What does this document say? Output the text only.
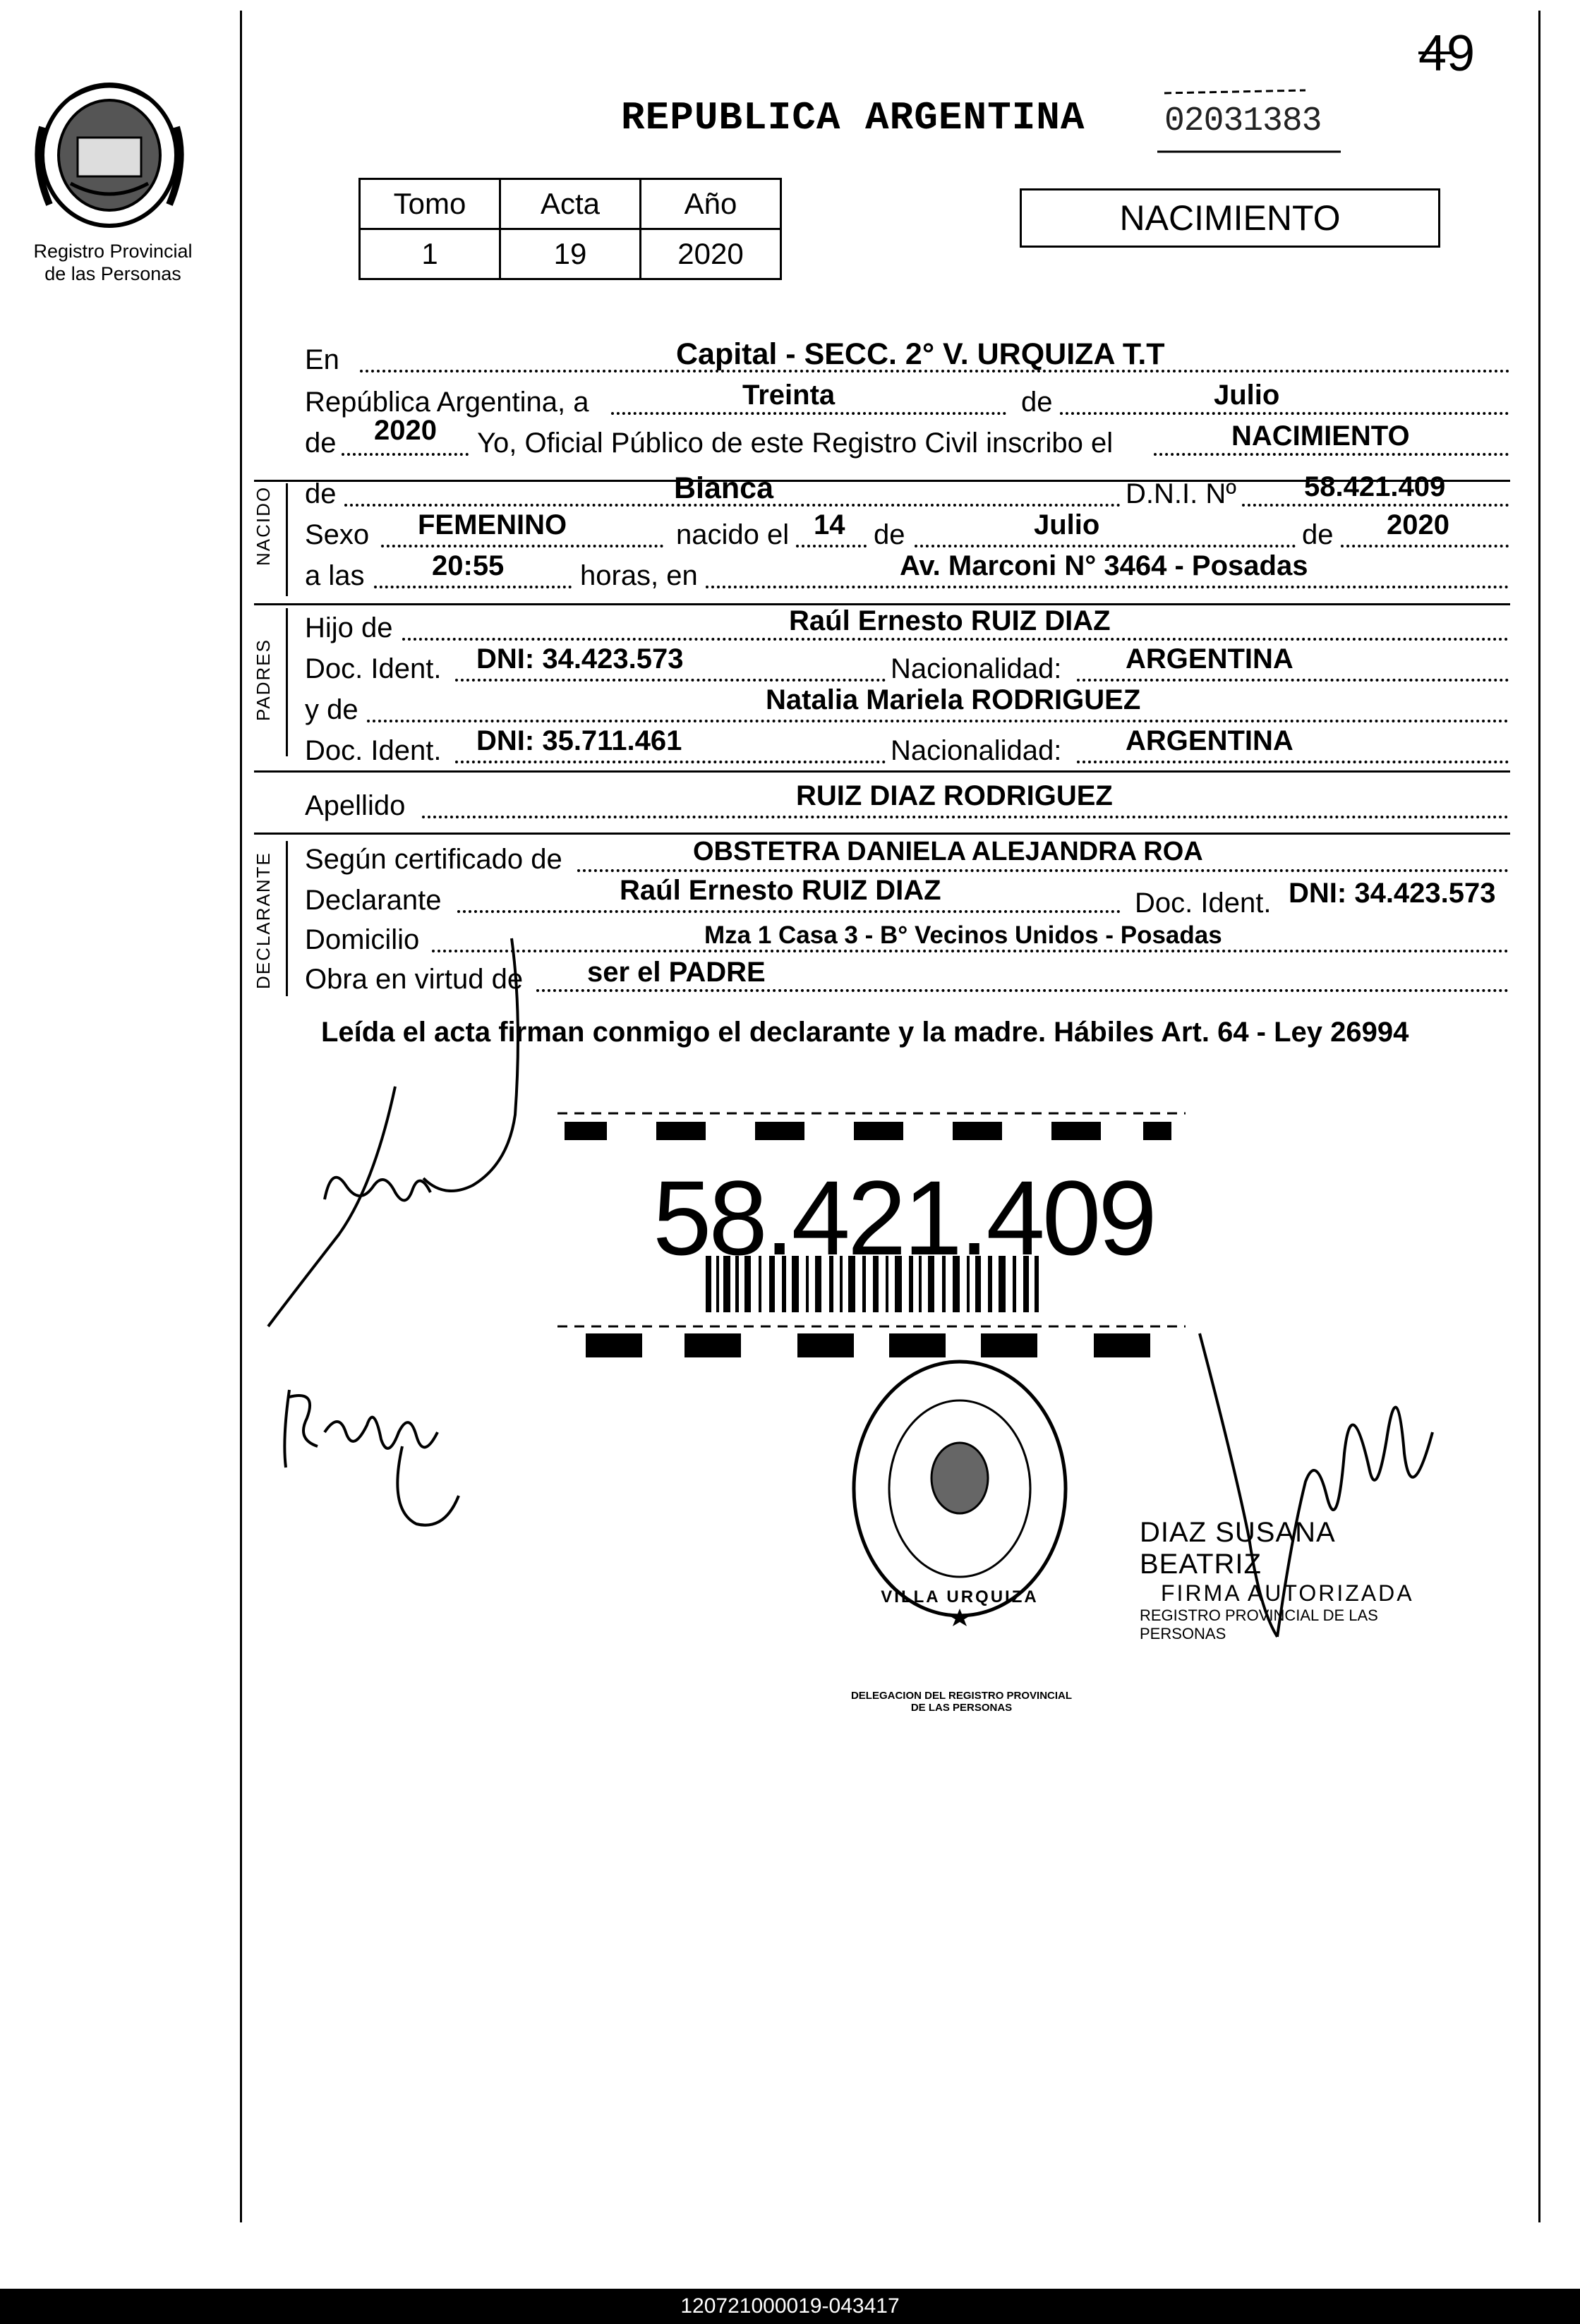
Registro Provincial
de las Personas
49
REPUBLICA ARGENTINA 02031383
Tomo	Acta	Año
1	19	2020
NACIMIENTO
En	Capital - SECC. 2° V. URQUIZA T.T
República Argentina, a	Treinta	de	Julio
de 2020 Yo, Oficial Público de este Registro Civil inscribo el	NACIMIENTO
NACIDO de	Bianca	D.N.I. Nº 58.421.409
Sexo FEMENINO	nacido el 14 de	Julio	de 2020
a las 20:55	horas, en	Av. Marconi N° 3464 - Posadas
PADRES
Hijo de	Raúl Ernesto RUIZ DIAZ
Doc. Ident. DNI: 34.423.573	Nacionalidad: ARGENTINA
y de	Natalia Mariela RODRIGUEZ
Doc. Ident. DNI: 35.711.461	Nacionalidad: ARGENTINA
Apellido	RUIZ DIAZ RODRIGUEZ
DECLARANTE Según certificado de	OBSTETRA DANIELA ALEJANDRA ROA
Declarante	Raúl Ernesto RUIZ DIAZ	Doc. Ident. DNI: 34.423.573
Domicilio	Mza 1 Casa 3 - B° Vecinos Unidos - Posadas
Obra en virtud de ser el PADRE
Leída el acta firman conmigo el declarante y la madre. Hábiles Art. 64 - Ley 26994
58.421.409
DELEGACION DEL REGISTRO PROVINCIAL DE LAS PERSONAS
VILLA URQUIZA
DIAZ SUSANA BEATRIZ
FIRMA AUTORIZADA
REGISTRO PROVINCIAL DE LAS PERSONAS
120721000019-043417
